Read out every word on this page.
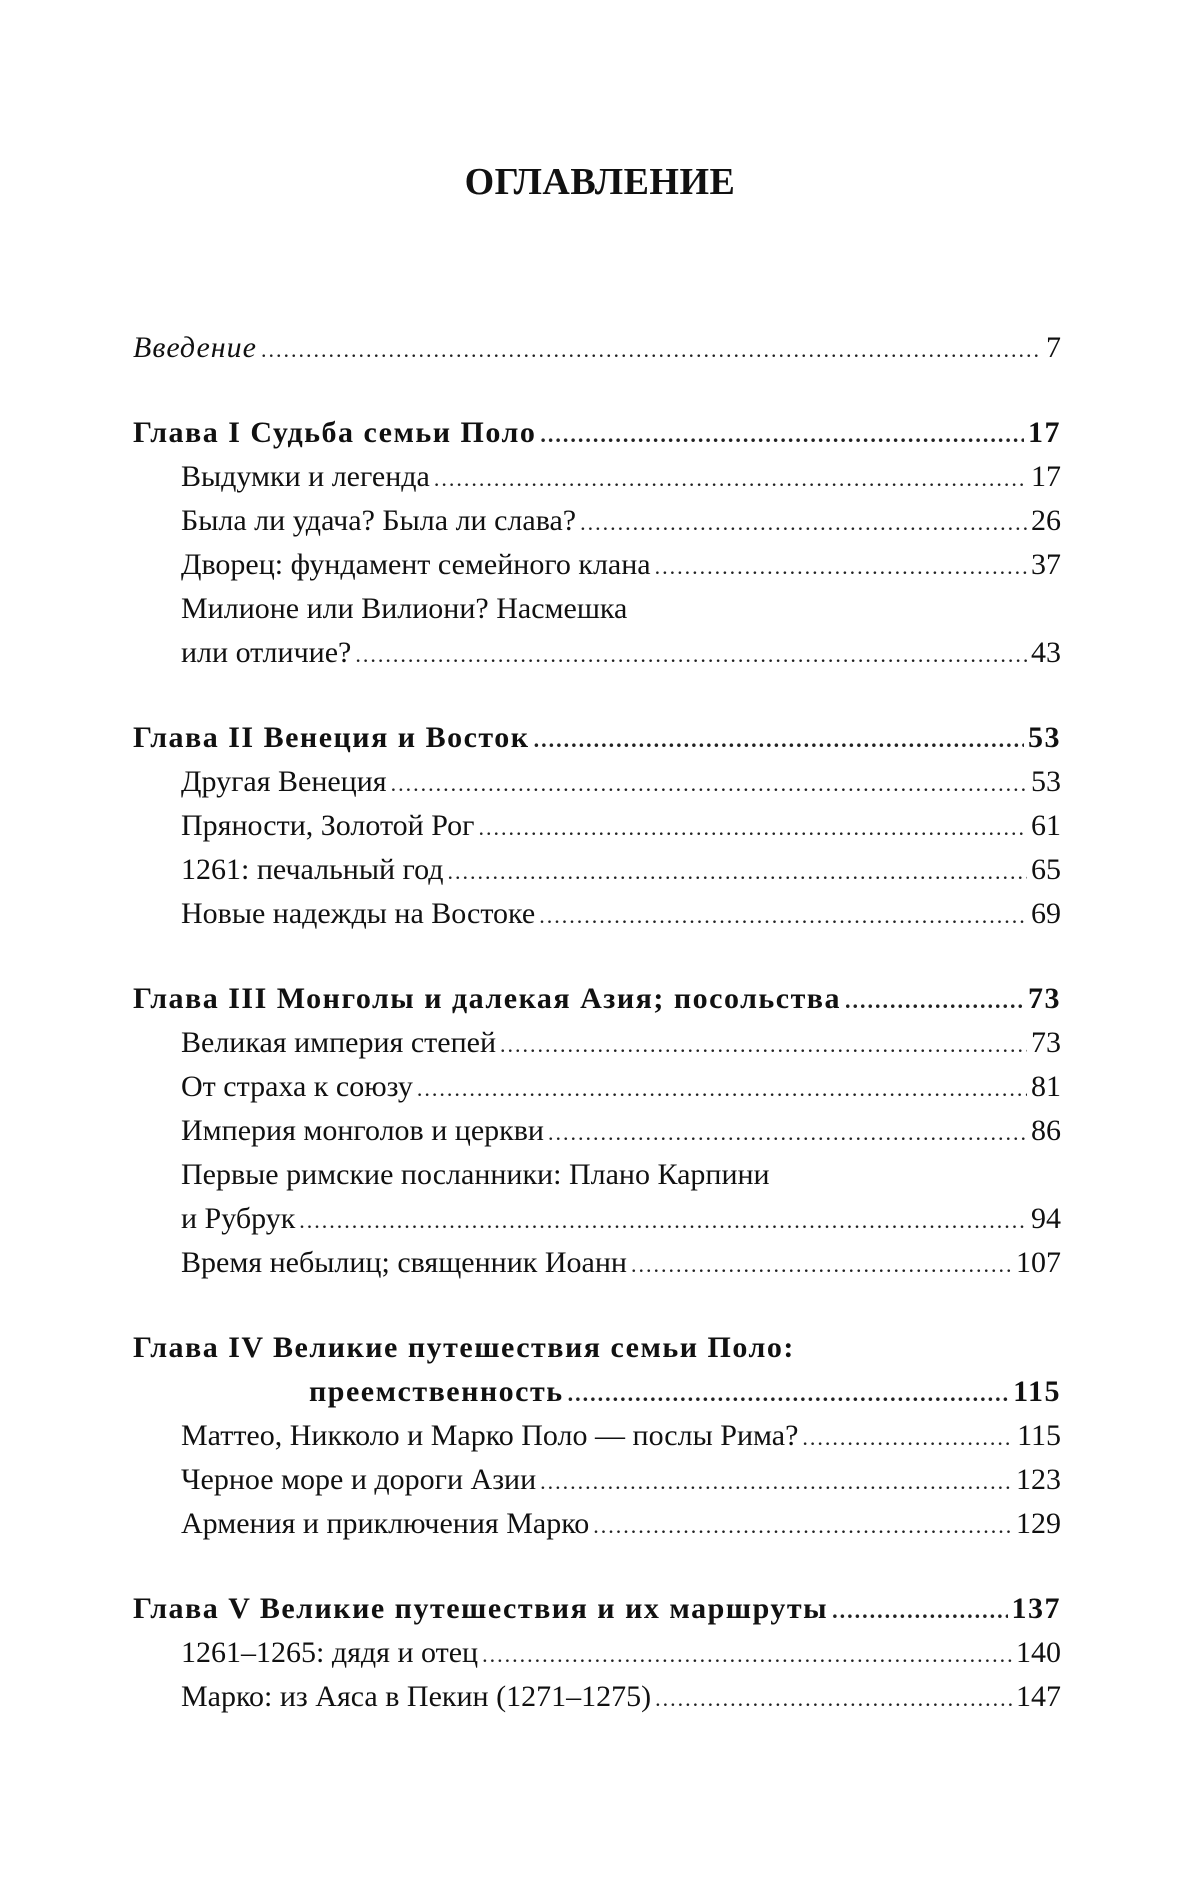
ОГЛАВЛЕНИЕ
Введение .....	7
Глава I Судьба семьи Поло .....	17
Выдумки и легенда .....	17
Была ли удача? Была ли слава? .....	26
Дворец: фундамент семейного клана .....	37
Милионе или Вилиони? Насмешка
или отличие? .....	43
Глава II Венеция и Восток .....	53
Другая Венеция .....	53
Пряности, Золотой Рог .....	61
1261: печальный год .....	65
Новые надежды на Востоке .....	69
Глава III Монголы и далекая Азия; посольства .....	73
Великая империя степей .....	73
От страха к союзу .....	81
Империя монголов и церкви .....	86
Первые римские посланники: Плано Карпини
и Рубрук .....	94
Время небылиц; священник Иоанн .....	107
Глава IV Великие путешествия семьи Поло:
преемственность .....	115
Маттео, Никколо и Марко Поло — послы Рима? .....	115
Черное море и дороги Азии .....	123
Армения и приключения Марко .....	129
Глава V Великие путешествия и их маршруты .....	137
1261–1265: дядя и отец .....	140
Марко: из Аяса в Пекин (1271–1275) .....	147
